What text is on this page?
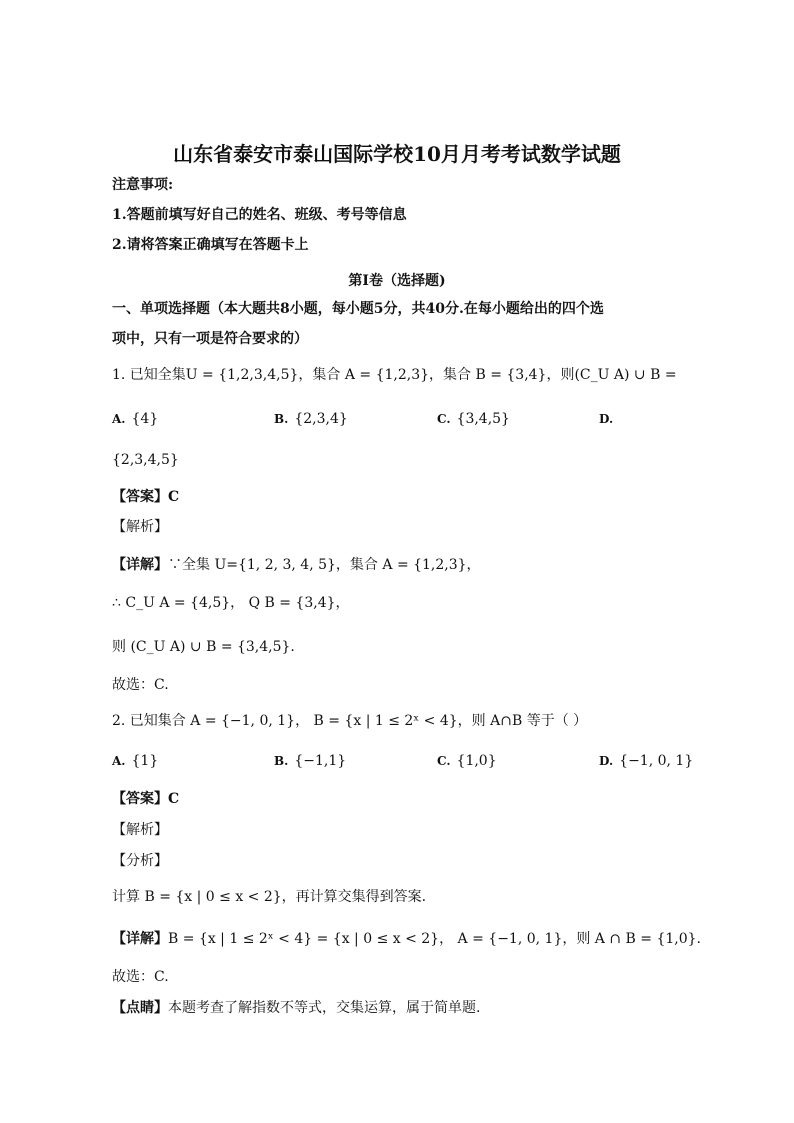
山东省泰安市泰山国际学校10月月考考试数学试题
注意事项:
1.答题前填写好自己的姓名、班级、考号等信息
2.请将答案正确填写在答题卡上
第I卷（选择题)
一、单项选择题（本大题共8小题，每小题5分，共40分.在每小题给出的四个选
项中，只有一项是符合要求的）
1. 已知全集U = {1,2,3,4,5}，集合 A = {1,2,3}，集合 B = {3,4}，则(C_U A) ∪ B =
A. {4}	B. {2,3,4}	C. {3,4,5}	D.
{2,3,4,5}
【答案】C
【解析】
【详解】∵全集 U={1, 2, 3, 4, 5}，集合 A = {1,2,3}，
∴ C_U A = {4,5}， Q B = {3,4}，
则 (C_U A) ∪ B = {3,4,5}.
故选：C.
2. 已知集合 A = {−1, 0, 1}， B = {x | 1 ≤ 2ˣ < 4}，则 A∩B 等于（ ）
A. {1}	B. {−1,1}	C. {1,0}	D. {−1, 0, 1}
【答案】C
【解析】
【分析】
计算 B = {x | 0 ≤ x < 2}，再计算交集得到答案.
【详解】B = {x | 1 ≤ 2ˣ < 4} = {x | 0 ≤ x < 2}， A = {−1, 0, 1}，则 A ∩ B = {1,0}.
故选：C.
【点睛】本题考查了解指数不等式，交集运算，属于简单题.
